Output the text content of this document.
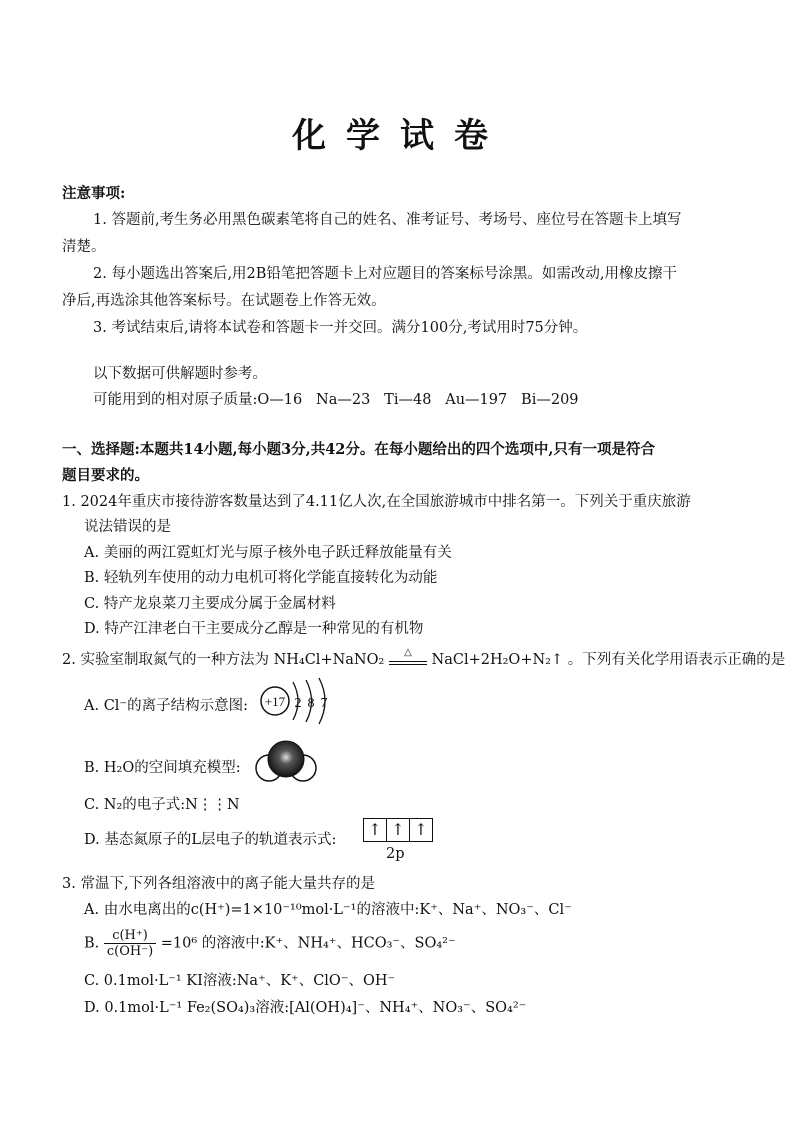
化学试卷
注意事项:
1. 答题前,考生务必用黑色碳素笔将自己的姓名、准考证号、考场号、座位号在答题卡上填写
清楚。
2. 每小题选出答案后,用2B铅笔把答题卡上对应题目的答案标号涂黑。如需改动,用橡皮擦干
净后,再选涂其他答案标号。在试题卷上作答无效。
3. 考试结束后,请将本试卷和答题卡一并交回。满分100分,考试用时75分钟。
以下数据可供解题时参考。
可能用到的相对原子质量:O—16   Na—23   Ti—48   Au—197   Bi—209
一、选择题:本题共14小题,每小题3分,共42分。在每小题给出的四个选项中,只有一项是符合
题目要求的。
1. 2024年重庆市接待游客数量达到了4.11亿人次,在全国旅游城市中排名第一。下列关于重庆旅游
说法错误的是
A. 美丽的两江霓虹灯光与原子核外电子跃迁释放能量有关
B. 轻轨列车使用的动力电机可将化学能直接转化为动能
C. 特产龙泉菜刀主要成分属于金属材料
D. 特产江津老白干主要成分乙醇是一种常见的有机物
2. 实验室制取氮气的一种方法为 NH₄Cl+NaNO₂	△	NaCl+2H₂O+N₂↑ 。下列有关化学用语表示正确的是
A. Cl⁻的离子结构示意图: +17 2 8 7
B. H₂O的空间填充模型:
C. N₂的电子式:N⋮⋮N
D. 基态氮原子的L层电子的轨道表示式:
↑ ↑ ↑
2p
3. 常温下,下列各组溶液中的离子能大量共存的是
A. 由水电离出的c(H⁺)=1×10⁻¹⁰mol·L⁻¹的溶液中:K⁺、Na⁺、NO₃⁻、Cl⁻
B. $\frac{c(H^+)}{c(OH^-)} =10^6$ 的溶液中:K⁺、NH₄⁺、HCO₃⁻、SO₄²⁻
C. 0.1mol·L⁻¹ KI溶液:Na⁺、K⁺、ClO⁻、OH⁻
D. 0.1mol·L⁻¹ Fe₂(SO₄)₃溶液:[Al(OH)₄]⁻、NH₄⁺、NO₃⁻、SO₄²⁻
